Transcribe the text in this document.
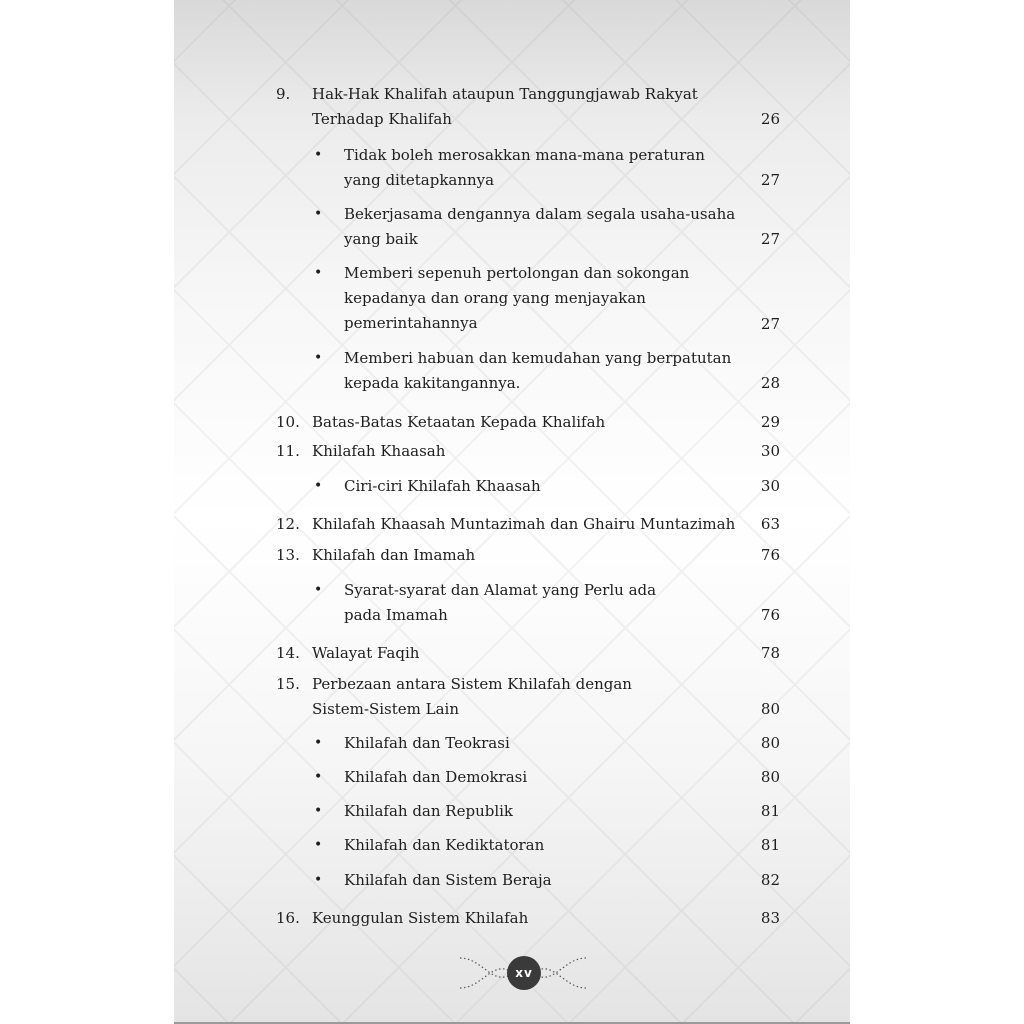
9. Hak-Hak Khalifah ataupun Tanggungjawab Rakyat
Terhadap Khalifah	26
• Tidak boleh merosakkan mana-mana peraturan
yang ditetapkannya	27
• Bekerjasama dengannya dalam segala usaha-usaha
yang baik	27
• Memberi sepenuh pertolongan dan sokongan
kepadanya dan orang yang menjayakan
pemerintahannya	27
• Memberi habuan dan kemudahan yang berpatutan
kepada kakitangannya.	28
10. Batas-Batas Ketaatan Kepada Khalifah	29
11. Khilafah Khaasah	30
• Ciri-ciri Khilafah Khaasah	30
12. Khilafah Khaasah Muntazimah dan Ghairu Muntazimah	63
13. Khilafah dan Imamah	76
• Syarat-syarat dan Alamat yang Perlu ada
pada Imamah	76
14. Walayat Faqih	78
15. Perbezaan antara Sistem Khilafah dengan
Sistem-Sistem Lain	80
• Khilafah dan Teokrasi	80
• Khilafah dan Demokrasi	80
• Khilafah dan Republik	81
• Khilafah dan Kediktatoran	81
• Khilafah dan Sistem Beraja	82
16. Keunggulan Sistem Khilafah	83
xv
